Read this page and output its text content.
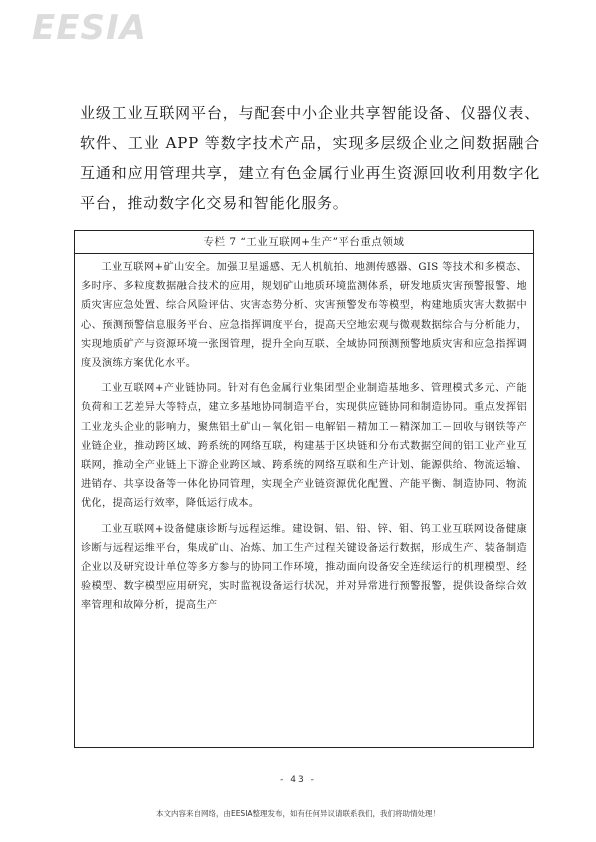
EESIA
业级工业互联网平台，与配套中小企业共享智能设备、仪器仪表、软件、工业 APP 等数字技术产品，实现多层级企业之间数据融合互通和应用管理共享，建立有色金属行业再生资源回收利用数字化平台，推动数字化交易和智能化服务。
专栏 7 “工业互联网+生产”平台重点领域

工业互联网+矿山安全。加强卫星遥感、无人机航拍、地测传感器、GIS 等技术和多模态、多时序、多粒度数据融合技术的应用，规划矿山地质环境监测体系，研发地质灾害预警报警、地质灾害应急处置、综合风险评估、灾害态势分析、灾害预警发布等模型，构建地质灾害大数据中心、预测预警信息服务平台、应急指挥调度平台，提高天空地宏观与微观数据综合与分析能力，实现地质矿产与资源环境一张图管理，提升全向互联、全域协同预测预警地质灾害和应急指挥调度及演练方案优化水平。

工业互联网+产业链协同。针对有色金属行业集团型企业制造基地多、管理模式多元、产能负荷和工艺差异大等特点，建立多基地协同制造平台，实现供应链协同和制造协同。重点发挥铝工业龙头企业的影响力，聚焦铝土矿山－氧化铝－电解铝－精加工－精深加工－回收与钢铁等产业链企业，推动跨区域、跨系统的网络互联，构建基于区块链和分布式数据空间的铝工业产业互联网，推动全产业链上下游企业跨区域、跨系统的网络互联和生产计划、能源供给、物流运输、进销存、共享设备等一体化协同管理，实现全产业链资源优化配置、产能平衡、制造协同、物流优化，提高运行效率，降低运行成本。

工业互联网+设备健康诊断与远程运维。建设铜、铝、铅、锌、钼、钨工业互联网设备健康诊断与远程运维平台，集成矿山、冶炼、加工生产过程关键设备运行数据，形成生产、装备制造企业以及研究设计单位等多方参与的协同工作环境，推动面向设备安全连续运行的机理模型、经验模型、数字模型应用研究，实时监视设备运行状况，并对异常进行预警报警，提供设备综合效率管理和故障分析，提高生产

- 43 -
本文内容来自网络，由EESIA整理发布，如有任何异议请联系我们，我们将助情处理！
